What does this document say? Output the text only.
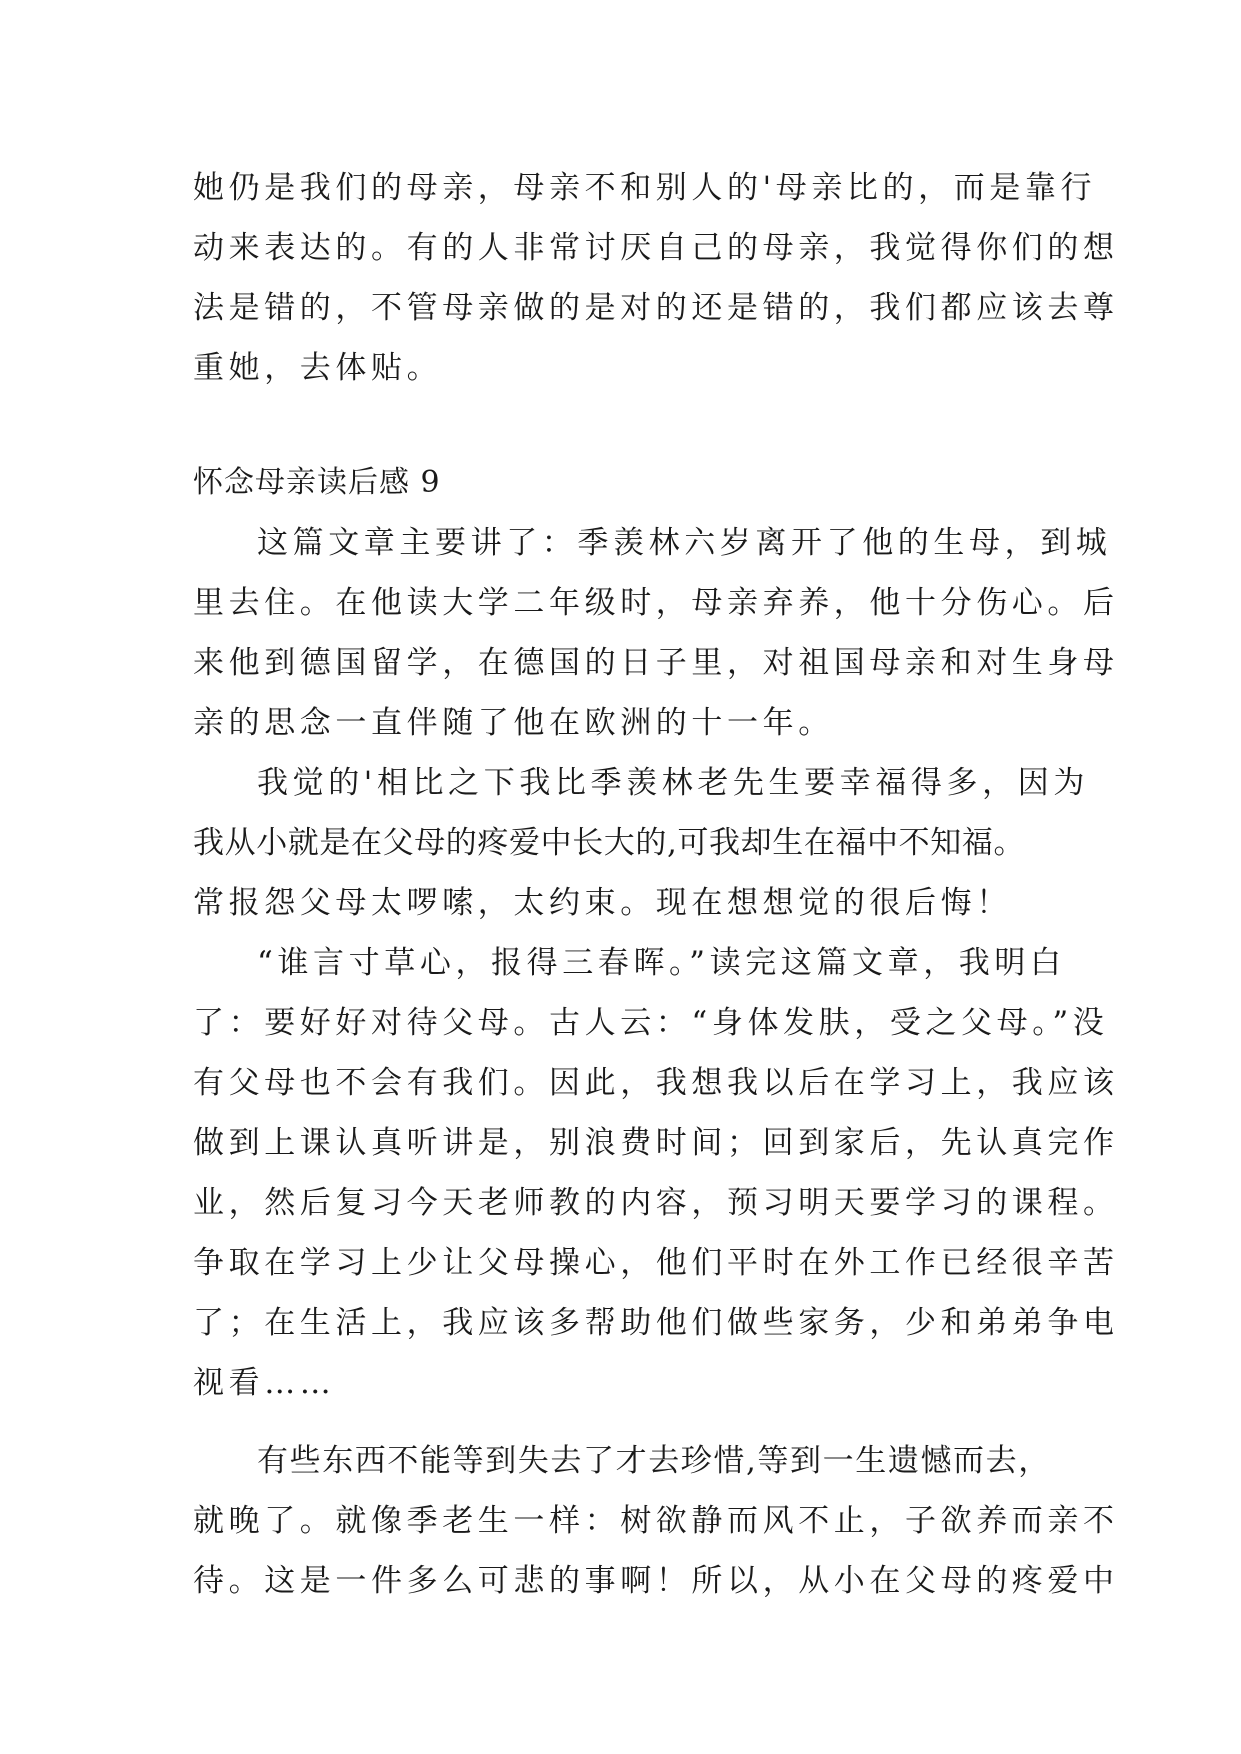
她仍是我们的母亲，母亲不和别人的'母亲比的，而是靠行
动来表达的。有的人非常讨厌自己的母亲，我觉得你们的想
法是错的，不管母亲做的是对的还是错的，我们都应该去尊
重她，去体贴。
怀念母亲读后感 9
这篇文章主要讲了：季羡林六岁离开了他的生母，到城
里去住。在他读大学二年级时，母亲弃养，他十分伤心。后
来他到德国留学，在德国的日子里，对祖国母亲和对生身母
亲的思念一直伴随了他在欧洲的十一年。
我觉的'相比之下我比季羡林老先生要幸福得多，因为
我从小就是在父母的疼爱中长大的,可我却生在福中不知福。
常报怨父母太啰嗦，太约束。现在想想觉的很后悔！
“谁言寸草心，报得三春晖。”读完这篇文章，我明白
了：要好好对待父母。古人云：“身体发肤，受之父母。”没
有父母也不会有我们。因此，我想我以后在学习上，我应该
做到上课认真听讲是，别浪费时间；回到家后，先认真完作
业，然后复习今天老师教的内容，预习明天要学习的课程。
争取在学习上少让父母操心，他们平时在外工作已经很辛苦
了；在生活上，我应该多帮助他们做些家务，少和弟弟争电
视看……
有些东西不能等到失去了才去珍惜,等到一生遗憾而去，
就晚了。就像季老生一样：树欲静而风不止，子欲养而亲不
待。这是一件多么可悲的事啊！所以，从小在父母的疼爱中
